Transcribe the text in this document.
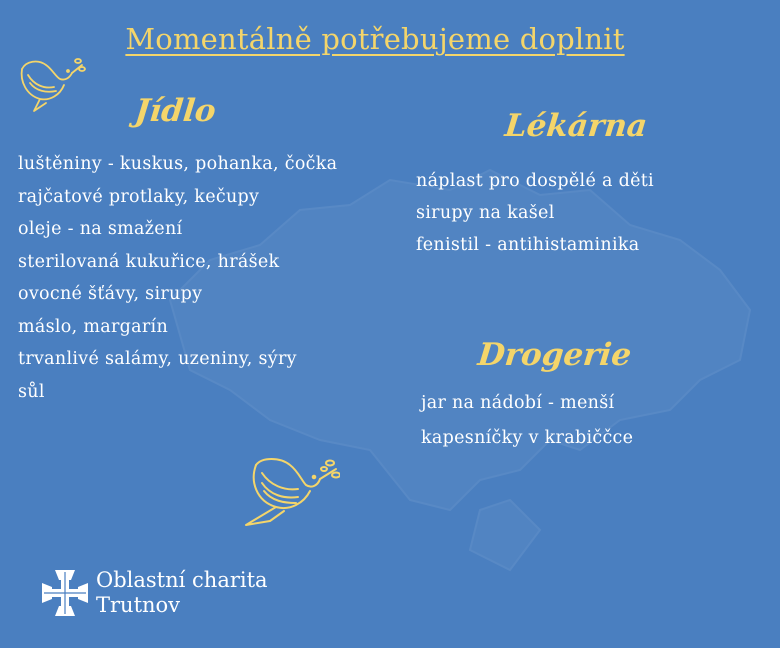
Momentálně potřebujeme doplnit
Jídlo
luštěniny - kuskus, pohanka, čočka
rajčatové protlaky, kečupy
oleje - na smažení
sterilovaná kukuřice, hrášek
ovocné šťávy, sirupy
máslo, margarín
trvanlivé salámy, uzeniny, sýry
sůl
Lékárna
náplast pro dospělé a děti
sirupy na kašel
fenistil - antihistaminika
Drogerie
jar na nádobí - menší
kapesníčky v krabiččce
Oblastní charita
Trutnov
